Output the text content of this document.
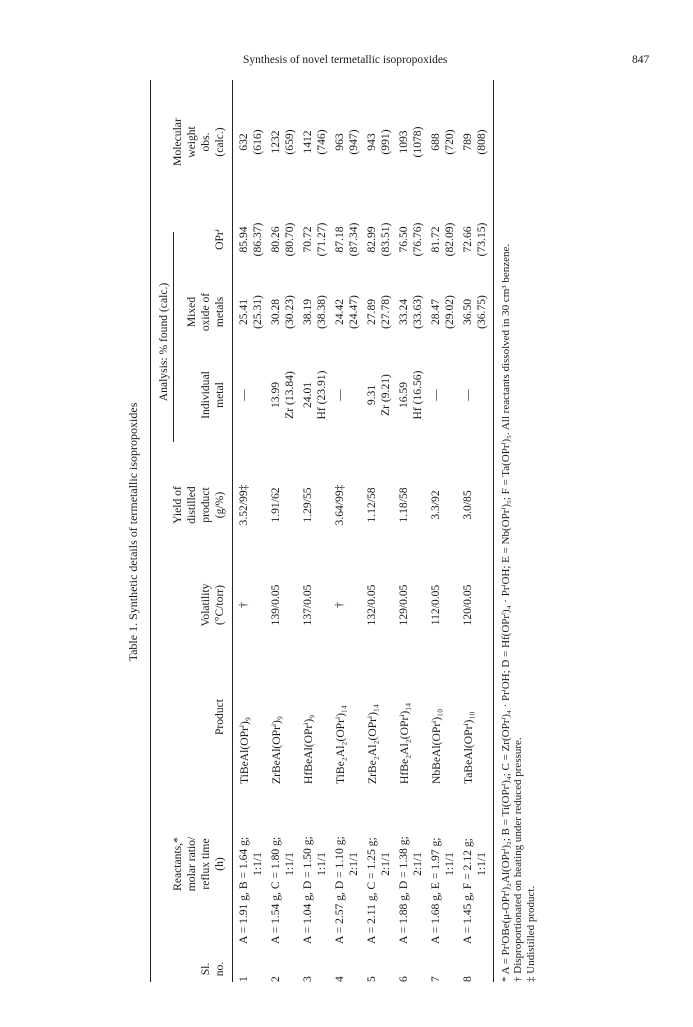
Synthesis of novel termetallic isopropoxides	847
Table 1. Synthetic details of termetallic isopropoxides
Sl. no.
Reactants,* molar ratio/ reflux time (h)
Product
Volatility (°C/torr)
Yield of distilled product (g/%)
Analysis: % found (calc.)	Individual metal
Mixed oxide of metals
OPrⁱ
Molecular weight obs. (calc.)
1
A = 1.91 g, B = 1.64 g; 1:1/1
TiBeAl(OPrⁱ)₉
†
3.52/99‡
—
25.41 (25.31)
85.94 (86.37)
632 (616)
2
A = 1.54 g, C = 1.80 g; 1:1/1
ZrBeAl(OPrⁱ)₉
139/0.05
1.91/62
13.99 Zr (13.84)
30.28 (30.23)
80.26 (80.70)
1232 (659)
3
A = 1.04 g, D = 1.50 g; 1:1/1
HfBeAl(OPrⁱ)₉
137/0.05
1.29/55
24.01 Hf (23.91)
38.19 (38.38)
70.72 (71.27)
1412 (746)
4
A = 2.57 g, D = 1.10 g; 2:1/1
TiBe₂Al₂(OPrⁱ)₁₄
†
3.64/99‡
—
24.42 (24.47)
87.18 (87.34)
963 (947)
5
A = 2.11 g, C = 1.25 g; 2:1/1
ZrBe₂Al₂(OPrⁱ)₁₄
132/0.05
1.12/58
9.31 Zr (9.21)
27.89 (27.78)
82.99 (83.51)
943 (991)
6
A = 1.88 g, D = 1.38 g; 2:1/1
HfBe₂Al₂(OPrⁱ)₁₄
129/0.05
1.18/58
16.59 Hf (16.56)
33.24 (33.63)
76.50 (76.76)
1093 (1078)
7
A = 1.68 g, E = 1.97 g; 1:1/1
NbBeAl(OPrⁱ)₁₀
112/0.05
3.3/92
—
28.47 (29.02)
81.72 (82.09)
688 (720)
8
A = 1.45 g, F = 2.12 g; 1:1/1
TaBeAl(OPrⁱ)₁₀
120/0.05
3.0/85
—
36.50 (36.75)
72.66 (73.15)
789 (808)
* A = PrⁱOBe(μ-OPrⁱ)₂Al(OPrⁱ)₂; B = Ti(OPrⁱ)₄; C = Zr(OPrⁱ)₄ · PrⁱOH; D = Hf(OPrⁱ)₄ · PrⁱOH; E = Nb(OPrⁱ)₅; F = Ta(OPrⁱ)₅. All reactants dissolved in 30 cm³ benzene. † Disproportionated on heating under reduced pressure. ‡ Undistilled product.
